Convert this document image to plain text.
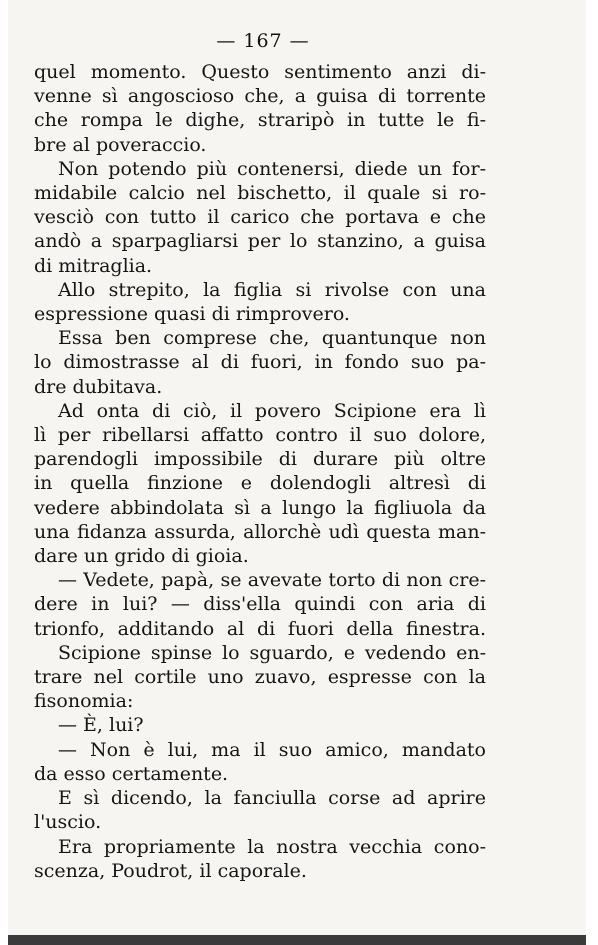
— 167 —
quel momento. Questo sentimento anzi di-
venne sì angoscioso che, a guisa di torrente
che rompa le dighe, straripò in tutte le fi-
bre al poveraccio.
Non potendo più contenersi, diede un for-
midabile calcio nel bischetto, il quale si ro-
vesciò con tutto il carico che portava e che
andò a sparpagliarsi per lo stanzino, a guisa
di mitraglia.
Allo strepito, la figlia si rivolse con una
espressione quasi di rimprovero.
Essa ben comprese che, quantunque non
lo dimostrasse al di fuori, in fondo suo pa-
dre dubitava.
Ad onta di ciò, il povero Scipione era lì
lì per ribellarsi affatto contro il suo dolore,
parendogli impossibile di durare più oltre
in quella finzione e dolendogli altresì di
vedere abbindolata sì a lungo la figliuola da
una fidanza assurda, allorchè udì questa man-
dare un grido di gioia.
— Vedete, papà, se avevate torto di non cre-
dere in lui? — diss'ella quindi con aria di
trionfo, additando al di fuori della finestra.
Scipione spinse lo sguardo, e vedendo en-
trare nel cortile uno zuavo, espresse con la
fisonomia:
— È, lui?
— Non è lui, ma il suo amico, mandato
da esso certamente.
E sì dicendo, la fanciulla corse ad aprire
l'uscio.
Era propriamente la nostra vecchia cono-
scenza, Poudrot, il caporale.
